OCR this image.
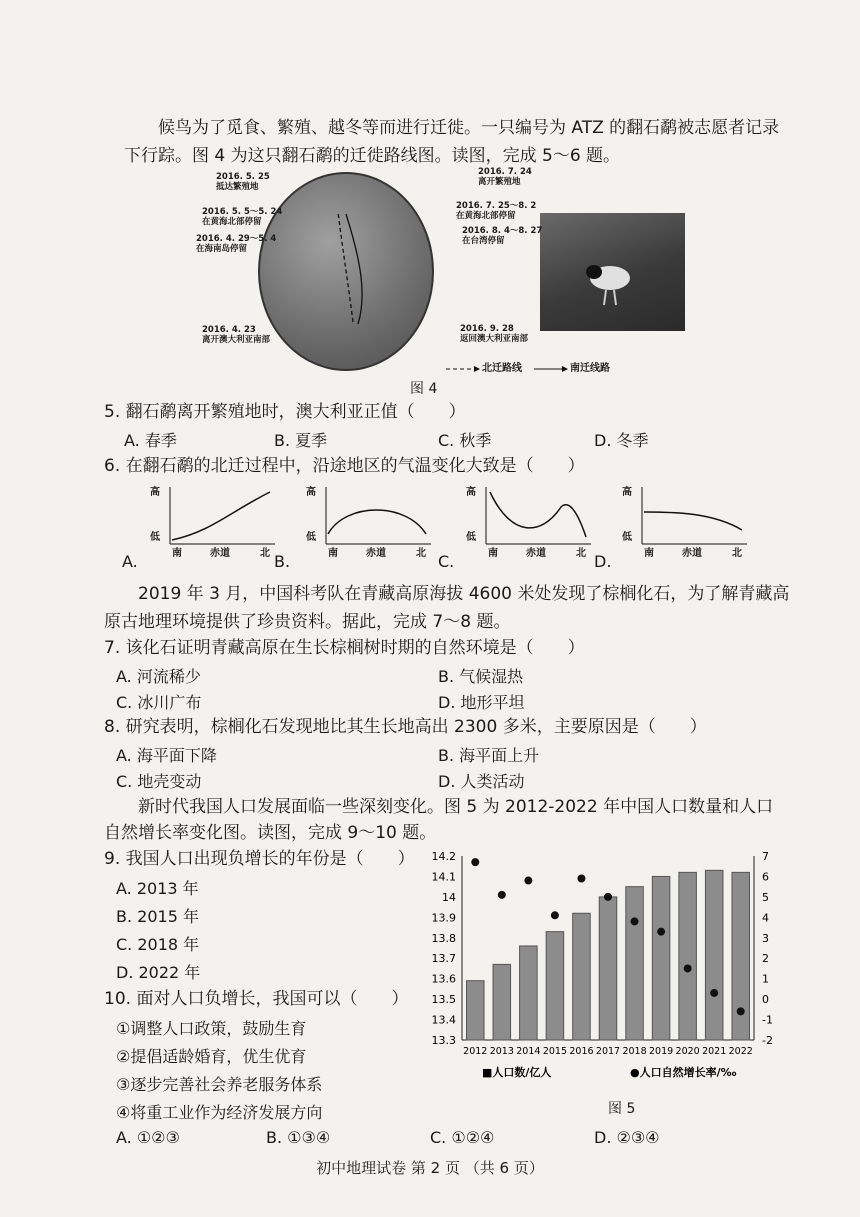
候鸟为了觅食、繁殖、越冬等而进行迁徙。一只编号为 ATZ 的翻石鹬被志愿者记录
下行踪。图 4 为这只翻石鹬的迁徙路线图。读图，完成 5～6 题。
2016. 5. 25
抵达繁殖地
2016. 5. 5～5. 24
在黄海北部停留
2016. 4. 29～5. 4
在海南岛停留
2016. 4. 23
离开澳大利亚南部
2016. 7. 24
离开繁殖地
2016. 7. 25～8. 2
在黄海北部停留
2016. 8. 4～8. 27
在台湾停留
2016. 9. 28
返回澳大利亚南部
北迁路线	南迁线路
图 4
5. 翻石鹬离开繁殖地时，澳大利亚正值（　　）
A. 春季	B. 夏季	C. 秋季	D. 冬季
6. 在翻石鹬的北迁过程中，沿途地区的气温变化大致是（　　）
A.	B.	C.	D.
高
低
南	赤道	北
高
低
南	赤道	北
高
低
南	赤道	北
高
低
南	赤道	北
2019 年 3 月，中国科考队在青藏高原海拔 4600 米处发现了棕榈化石，为了解青藏高
原古地理环境提供了珍贵资料。据此，完成 7～8 题。
7. 该化石证明青藏高原在生长棕榈树时期的自然环境是（　　）
A. 河流稀少	B. 气候湿热
C. 冰川广布	D. 地形平坦
8. 研究表明，棕榈化石发现地比其生长地高出 2300 多米，主要原因是（　　）
A. 海平面下降	B. 海平面上升
C. 地壳变动	D. 人类活动
新时代我国人口发展面临一些深刻变化。图 5 为 2012-2022 年中国人口数量和人口
自然增长率变化图。读图，完成 9～10 题。
9. 我国人口出现负增长的年份是（　　）
A. 2013 年
B. 2015 年
C. 2018 年
D. 2022 年
10. 面对人口负增长，我国可以（　　）
①调整人口政策，鼓励生育
②提倡适龄婚育，优生优育
③逐步完善社会养老服务体系
④将重工业作为经济发展方向
A. ①②③	B. ①③④	C. ①②④	D. ②③④
13.3
13.4
13.5
13.6
13.7
13.8
13.9
14
14.1
14.2
-2
-1
0
1
2
3
4
5
6
7
2012 2013 2014 2015 2016 2017 2018 2019 2020 2021 2022
■人口数/亿人	●人口自然增长率/‰
图 5
初中地理试卷 第 2 页 （共 6 页）
